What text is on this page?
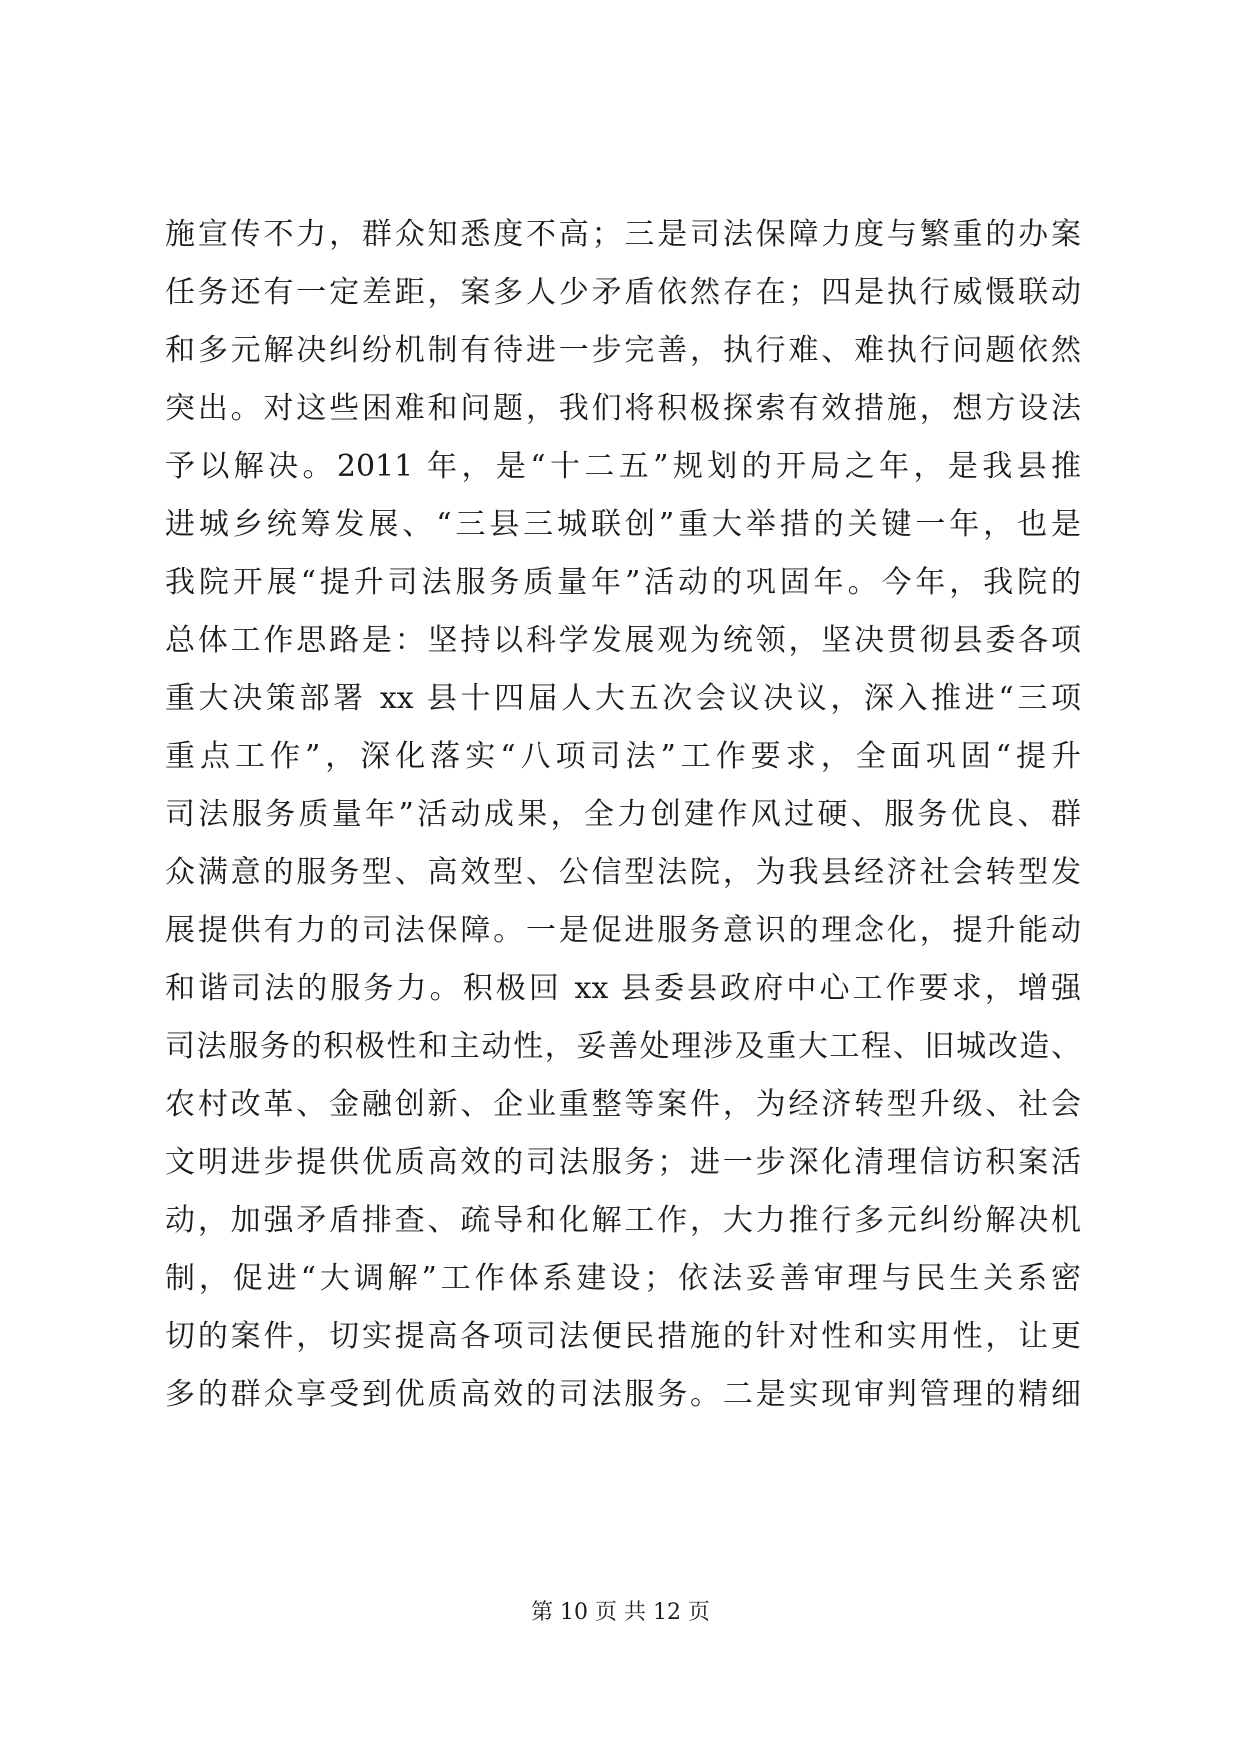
施宣传不力，群众知悉度不高；三是司法保障力度与繁重的办案
任务还有一定差距，案多人少矛盾依然存在；四是执行威慑联动
和多元解决纠纷机制有待进一步完善，执行难、难执行问题依然
突出。对这些困难和问题，我们将积极探索有效措施，想方设法
予以解决。2011 年，是“十二五”规划的开局之年，是我县推
进城乡统筹发展、“三县三城联创”重大举措的关键一年，也是
我院开展“提升司法服务质量年”活动的巩固年。今年，我院的
总体工作思路是：坚持以科学发展观为统领，坚决贯彻县委各项
重大决策部署 xx 县十四届人大五次会议决议，深入推进“三项
重点工作”，深化落实“八项司法”工作要求，全面巩固“提升
司法服务质量年”活动成果，全力创建作风过硬、服务优良、群
众满意的服务型、高效型、公信型法院，为我县经济社会转型发
展提供有力的司法保障。一是促进服务意识的理念化，提升能动
和谐司法的服务力。积极回 xx 县委县政府中心工作要求，增强
司法服务的积极性和主动性，妥善处理涉及重大工程、旧城改造、
农村改革、金融创新、企业重整等案件，为经济转型升级、社会
文明进步提供优质高效的司法服务；进一步深化清理信访积案活
动，加强矛盾排查、疏导和化解工作，大力推行多元纠纷解决机
制，促进“大调解”工作体系建设；依法妥善审理与民生关系密
切的案件，切实提高各项司法便民措施的针对性和实用性，让更
多的群众享受到优质高效的司法服务。二是实现审判管理的精细
第 10 页 共 12 页
